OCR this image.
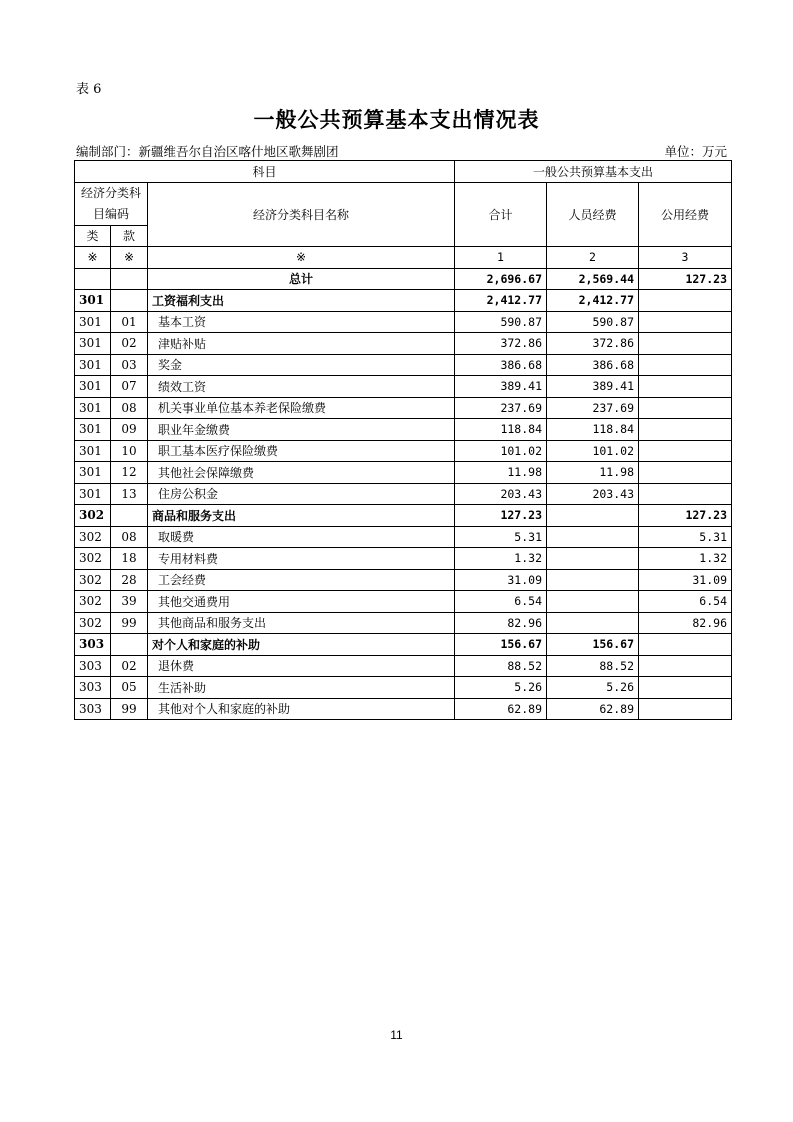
表 6
一般公共预算基本支出情况表
编制部门：新疆维吾尔自治区喀什地区歌舞剧团	单位：万元

科目			一般公共预算基本支出		
经济分类科目编码		经济分类科目名称	合计	人员经费	公用经费
类	款				
※	※	※	1	2	3
		总计	2,696.67	2,569.44	127.23
301		工资福利支出	2,412.77	2,412.77	
301	01	基本工资	590.87	590.87	
301	02	津贴补贴	372.86	372.86	
301	03	奖金	386.68	386.68	
301	07	绩效工资	389.41	389.41	
301	08	机关事业单位基本养老保险缴费	237.69	237.69	
301	09	职业年金缴费	118.84	118.84	
301	10	职工基本医疗保险缴费	101.02	101.02	
301	12	其他社会保障缴费	11.98	11.98	
301	13	住房公积金	203.43	203.43	
302		商品和服务支出	127.23		127.23
302	08	取暖费	5.31		5.31
302	18	专用材料费	1.32		1.32
302	28	工会经费	31.09		31.09
302	39	其他交通费用	6.54		6.54
302	99	其他商品和服务支出	82.96		82.96
303		对个人和家庭的补助	156.67	156.67	
303	02	退休费	88.52	88.52	
303	05	生活补助	5.26	5.26	
303	99	其他对个人和家庭的补助	62.89	62.89	
11
